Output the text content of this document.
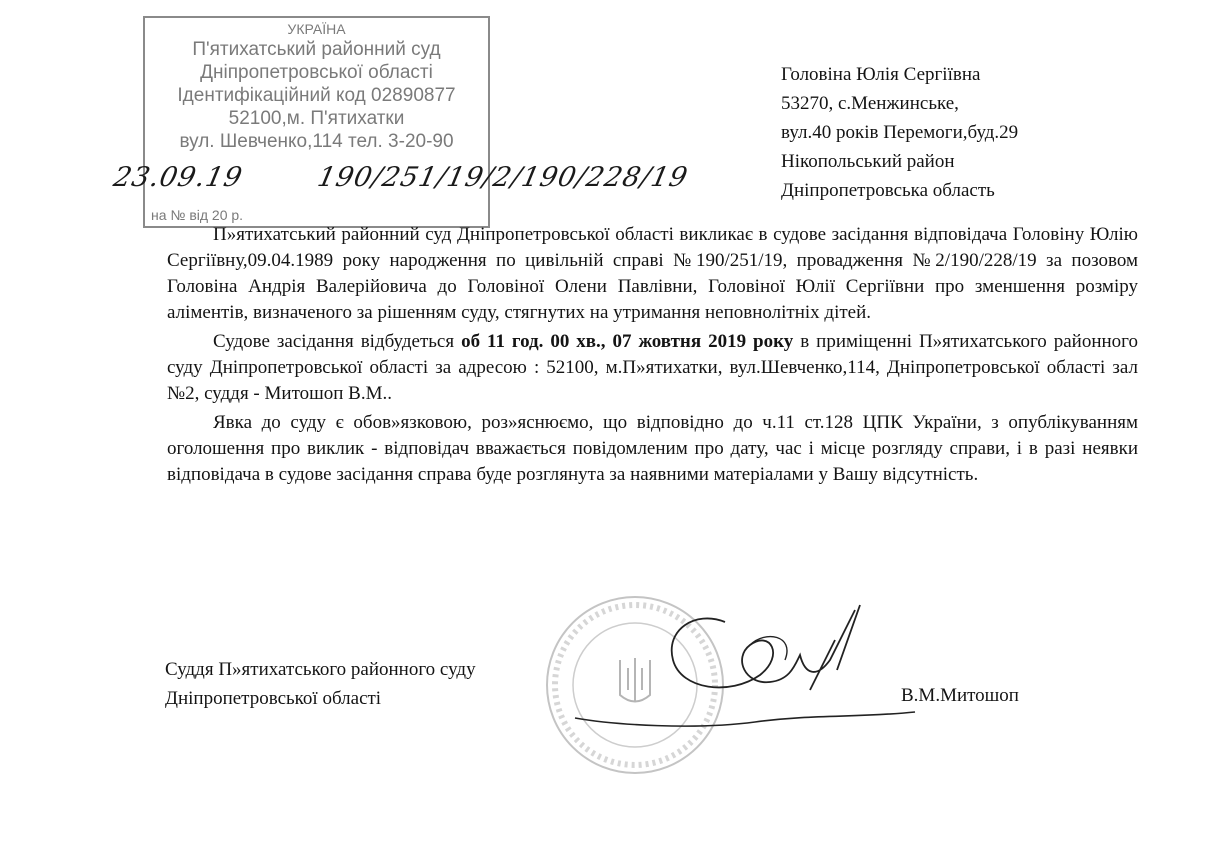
УКРАЇНА
П'ятихатський районний суд
Дніпропетровської області
Ідентифікаційний код 02890877
52100,м. П'ятихатки
вул. Шевченко,114 тел. 3-20-90
на № від 20 р.
23.09.19	190/251/19/2/190/228/19
Головіна Юлія Сергіївна
53270, с.Менжинське,
вул.40 років Перемоги,буд.29
Нікопольський район
Дніпропетровська область

П»ятихатський районний суд Дніпропетровської області викликає в судове засідання відповідача Головіну Юлію Сергіївну,09.04.1989 року народження по цивільній справі №190/251/19, провадження №2/190/228/19 за позовом Головіна Андрія Валерійовича до Головіної Олени Павлівни, Головіної Юлії Сергіївни про зменшення розміру аліментів, визначеного за рішенням суду, стягнутих на утримання неповнолітніх дітей.

Судове засідання відбудеться об 11 год. 00 хв., 07 жовтня 2019 року в приміщенні П»ятихатського районного суду Дніпропетровської області за адресою : 52100, м.П»ятихатки, вул.Шевченко,114, Дніпропетровської області зал №2, суддя - Митошоп В.М..

Явка до суду є обов»язковою, роз»яснюємо, що відповідно до ч.11 ст.128 ЦПК України, з опублікуванням оголошення про виклик - відповідач вважається повідомленим про дату, час і місце розгляду справи, і в разі неявки відповідача в судове засідання справа буде розглянута за наявними матеріалами у Вашу відсутність.

Суддя П»ятихатського районного суду
Дніпропетровської області	В.М.Митошоп
